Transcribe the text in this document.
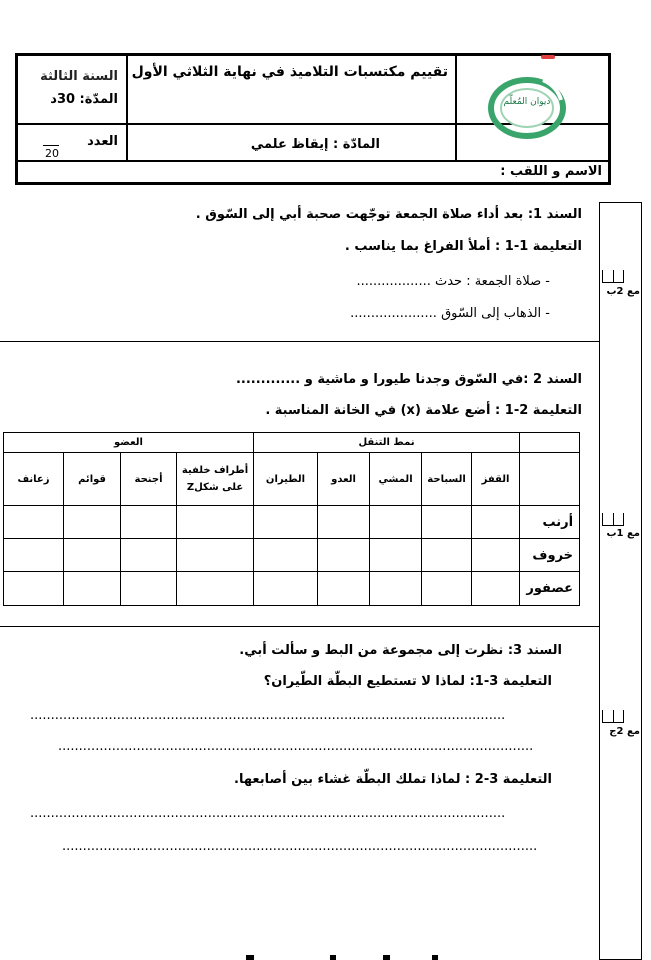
ديوان المُعلّم
تقييم مكتسبات التلاميذ في نهاية الثلاثي الأول
السنة الثالثة
المدّة: 30د
المادّة : إيقاظ علمي
العدد
20
الاسم و اللقب :
مع 2ب
مع 1ب
مع 2ج
السند 1: بعد أداء صلاة الجمعة توجّهت صحبة أبي إلى السّوق .
التعليمة 1-1 : أملأ الفراغ بما يناسب .
- صلاة الجمعة : حدث ..................
- الذهاب إلى السّوق .....................
السند 2 :في السّوق وجدنا طيورا و ماشية و .............
التعليمة 2-1 : أضع علامة (x) في الخانة المناسبة .
	نمط التنقل					العضو			
	القفز	السباحة	المشي	العدو	الطيران	أطراف خلفية على شكلZ	أجنحة	قوائم	زعانف
أرنب									
خروف									
عصفور									
السند 3: نظرت إلى مجموعة من البط و سألت أبي.
التعليمة 3-1: لماذا لا تستطيع البطّة الطّيران؟
...................................................................................................................
...................................................................................................................
التعليمة 3-2 : لماذا تملك البطّة غشاء بين أصابعها.
...................................................................................................................
...................................................................................................................
